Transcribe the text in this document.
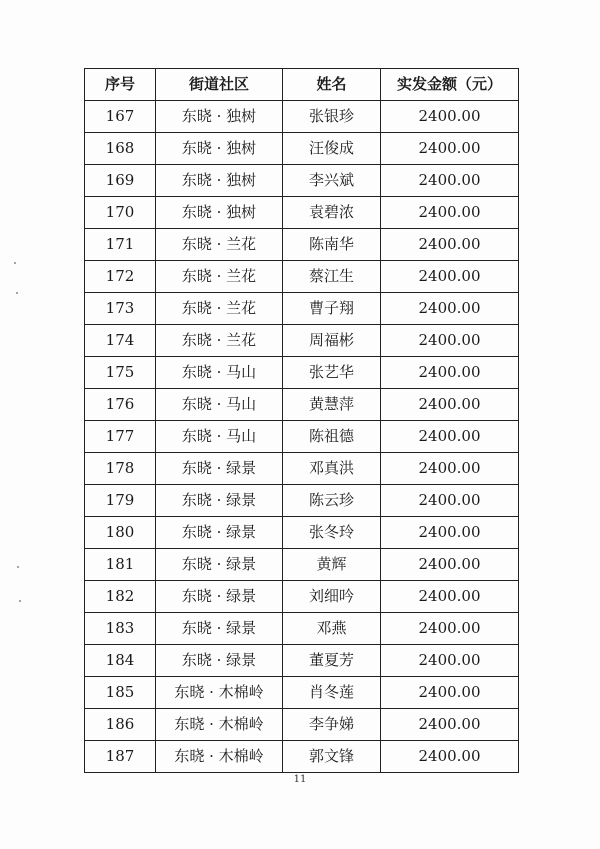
序号	街道社区	姓名	实发金额（元）
167	东晓 · 独树	张银珍	2400.00
168	东晓 · 独树	汪俊成	2400.00
169	东晓 · 独树	李兴斌	2400.00
170	东晓 · 独树	袁碧浓	2400.00
171	东晓 · 兰花	陈南华	2400.00
172	东晓 · 兰花	蔡江生	2400.00
173	东晓 · 兰花	曹子翔	2400.00
174	东晓 · 兰花	周福彬	2400.00
175	东晓 · 马山	张艺华	2400.00
176	东晓 · 马山	黄慧萍	2400.00
177	东晓 · 马山	陈祖德	2400.00
178	东晓 · 绿景	邓真洪	2400.00
179	东晓 · 绿景	陈云珍	2400.00
180	东晓 · 绿景	张冬玲	2400.00
181	东晓 · 绿景	黄辉	2400.00
182	东晓 · 绿景	刘细吟	2400.00
183	东晓 · 绿景	邓燕	2400.00
184	东晓 · 绿景	董夏芳	2400.00
185	东晓 · 木棉岭	肖冬莲	2400.00
186	东晓 · 木棉岭	李争娣	2400.00
187	东晓 · 木棉岭	郭文锋	2400.00
11
